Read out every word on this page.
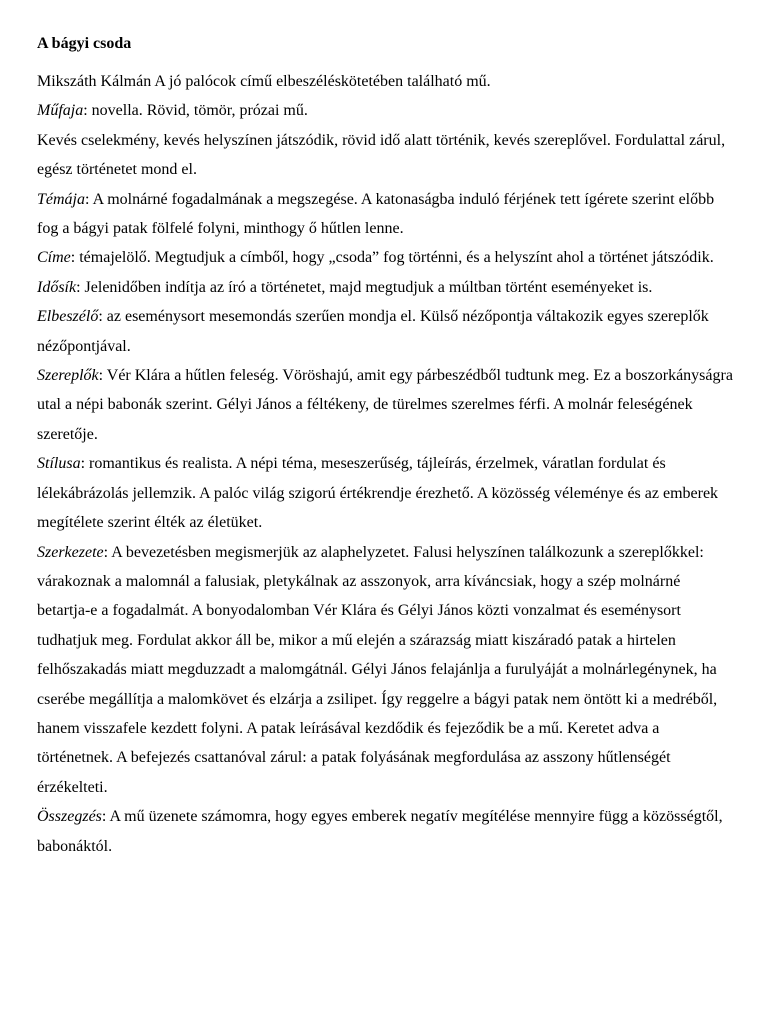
A bágyi csoda

Mikszáth Kálmán A jó palócok című elbeszéléskötetében található mű.

Műfaja: novella. Rövid, tömör, prózai mű.

Kevés cselekmény, kevés helyszínen játszódik, rövid idő alatt történik, kevés szereplővel. Fordulattal zárul, egész történetet mond el.

Témája: A molnárné fogadalmának a megszegése. A katonaságba induló férjének tett ígérete szerint előbb fog a bágyi patak fölfelé folyni, minthogy ő hűtlen lenne.

Címe: témajelölő. Megtudjuk a címből, hogy „csoda” fog történni, és a helyszínt ahol a történet játszódik.

Idősík: Jelenidőben indítja az író a történetet, majd megtudjuk a múltban történt eseményeket is.

Elbeszélő: az eseménysort mesemondás szerűen mondja el. Külső nézőpontja váltakozik egyes szereplők nézőpontjával.

Szereplők: Vér Klára a hűtlen feleség. Vöröshajú, amit egy párbeszédből tudtunk meg. Ez a boszorkányságra utal a népi babonák szerint. Gélyi János a féltékeny, de türelmes szerelmes férfi. A molnár feleségének szeretője.

Stílusa: romantikus és realista. A népi téma, meseszerűség, tájleírás, érzelmek, váratlan fordulat és lélekábrázolás jellemzik. A palóc világ szigorú értékrendje érezhető. A közösség véleménye és az emberek megítélete szerint élték az életüket.

Szerkezete: A bevezetésben megismerjük az alaphelyzetet. Falusi helyszínen találkozunk a szereplőkkel: várakoznak a malomnál a falusiak, pletykálnak az asszonyok, arra kíváncsiak, hogy a szép molnárné betartja-e a fogadalmát. A bonyodalomban Vér Klára és Gélyi János közti vonzalmat és eseménysort tudhatjuk meg. Fordulat akkor áll be, mikor a mű elején a szárazság miatt kiszáradó patak a hirtelen felhőszakadás miatt megduzzadt a malomgátnál. Gélyi János felajánlja a furulyáját a molnárlegénynek, ha cserébe megállítja a malomkövet és elzárja a zsilipet. Így reggelre a bágyi patak nem öntött ki a medréből, hanem visszafele kezdett folyni. A patak leírásával kezdődik és fejeződik be a mű. Keretet adva a történetnek. A befejezés csattanóval zárul: a patak folyásának megfordulása az asszony hűtlenségét érzékelteti.

Összegzés: A mű üzenete számomra, hogy egyes emberek negatív megítélése mennyire függ a közösségtől, babonáktól.
